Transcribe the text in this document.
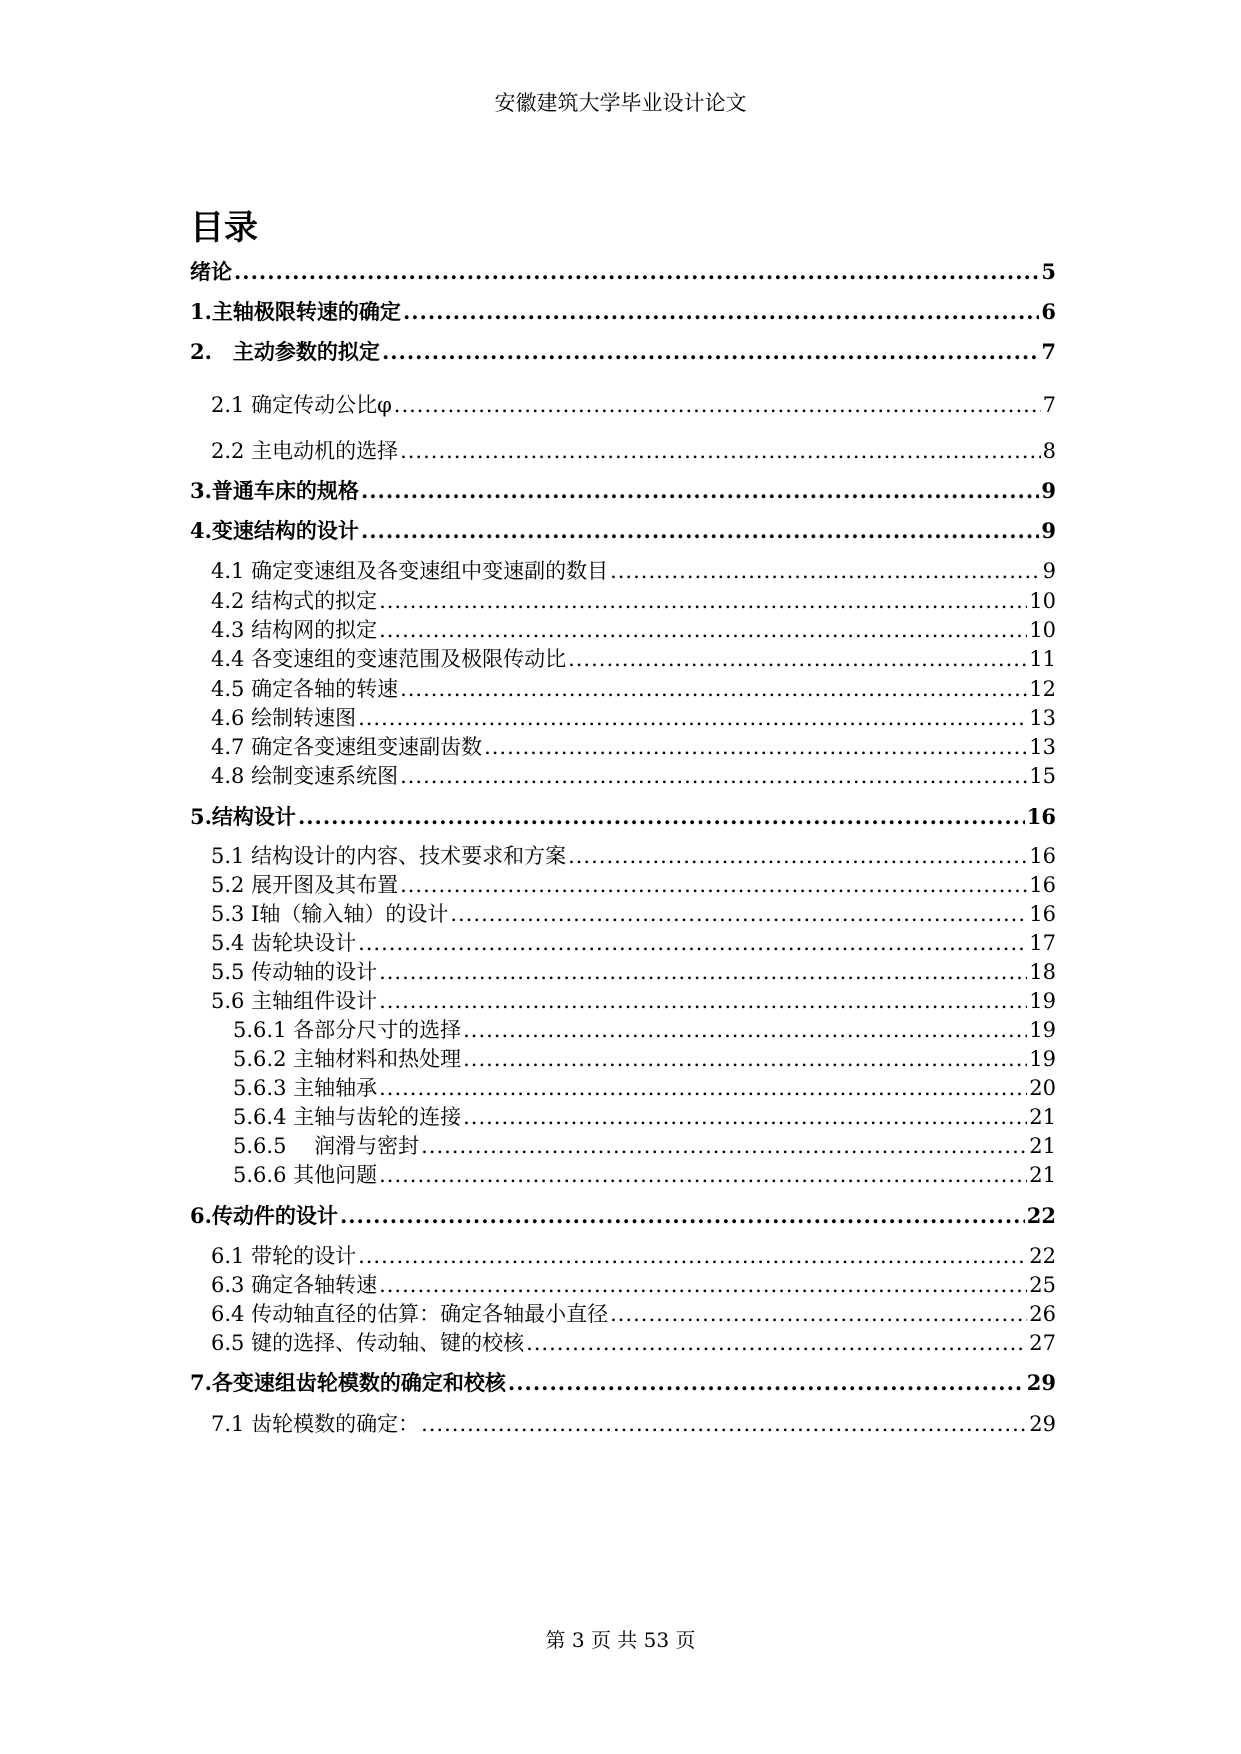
安徽建筑大学毕业设计论文
目录
绪论 .....	5
1.主轴极限转速的确定 .....	6
2.　主动参数的拟定 .....	7
2.1 确定传动公比φ .....	7
2.2 主电动机的选择 .....	8
3.普通车床的规格 .....	9
4.变速结构的设计 .....	9
4.1 确定变速组及各变速组中变速副的数目 .....	9
4.2 结构式的拟定 .....	10
4.3 结构网的拟定 .....	10
4.4 各变速组的变速范围及极限传动比 .....	11
4.5 确定各轴的转速 .....	12
4.6 绘制转速图 .....	13
4.7 确定各变速组变速副齿数 .....	13
4.8 绘制变速系统图 .....	15
5.结构设计 .....	16
5.1 结构设计的内容、技术要求和方案 .....	16
5.2 展开图及其布置 .....	16
5.3 Ⅰ轴（输入轴）的设计 .....	16
5.4 齿轮块设计 .....	17
5.5 传动轴的设计 .....	18
5.6 主轴组件设计 .....	19
5.6.1 各部分尺寸的选择 .....	19
5.6.2 主轴材料和热处理 .....	19
5.6.3 主轴轴承 .....	20
5.6.4 主轴与齿轮的连接 .....	21
5.6.5 　润滑与密封 .....	21
5.6.6 其他问题 .....	21
6.传动件的设计 .....	22
6.1 带轮的设计 .....	22
6.3 确定各轴转速 .....	25
6.4 传动轴直径的估算：确定各轴最小直径 .....	26
6.5 键的选择、传动轴、键的校核 .....	27
7.各变速组齿轮模数的确定和校核 .....	29
7.1 齿轮模数的确定： .....	29
第 3 页 共 53 页
